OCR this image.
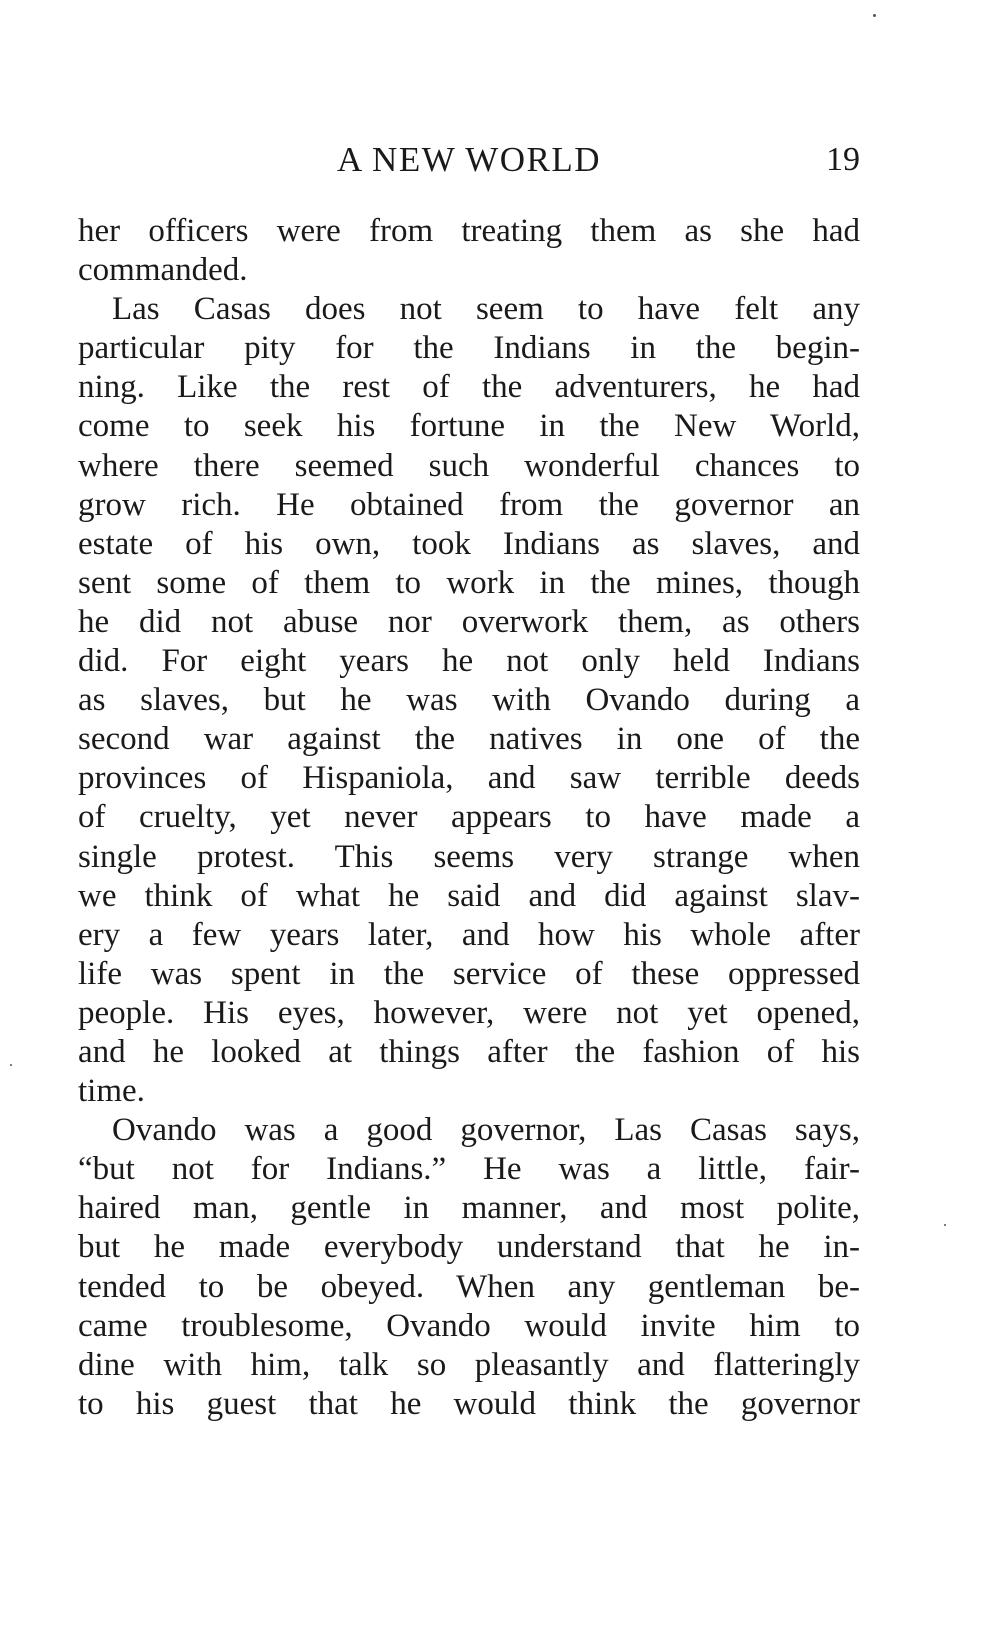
A NEW WORLD	19
her officers were from treating them as she had
commanded.
Las Casas does not seem to have felt any
particular pity for the Indians in the begin-
ning. Like the rest of the adventurers, he had
come to seek his fortune in the New World,
where there seemed such wonderful chances to
grow rich. He obtained from the governor an
estate of his own, took Indians as slaves, and
sent some of them to work in the mines, though
he did not abuse nor overwork them, as others
did. For eight years he not only held Indians
as slaves, but he was with Ovando during a
second war against the natives in one of the
provinces of Hispaniola, and saw terrible deeds
of cruelty, yet never appears to have made a
single protest. This seems very strange when
we think of what he said and did against slav-
ery a few years later, and how his whole after
life was spent in the service of these oppressed
people. His eyes, however, were not yet opened,
and he looked at things after the fashion of his
time.
Ovando was a good governor, Las Casas says,
“but not for Indians.” He was a little, fair-
haired man, gentle in manner, and most polite,
but he made everybody understand that he in-
tended to be obeyed. When any gentleman be-
came troublesome, Ovando would invite him to
dine with him, talk so pleasantly and flatteringly
to his guest that he would think the governor
